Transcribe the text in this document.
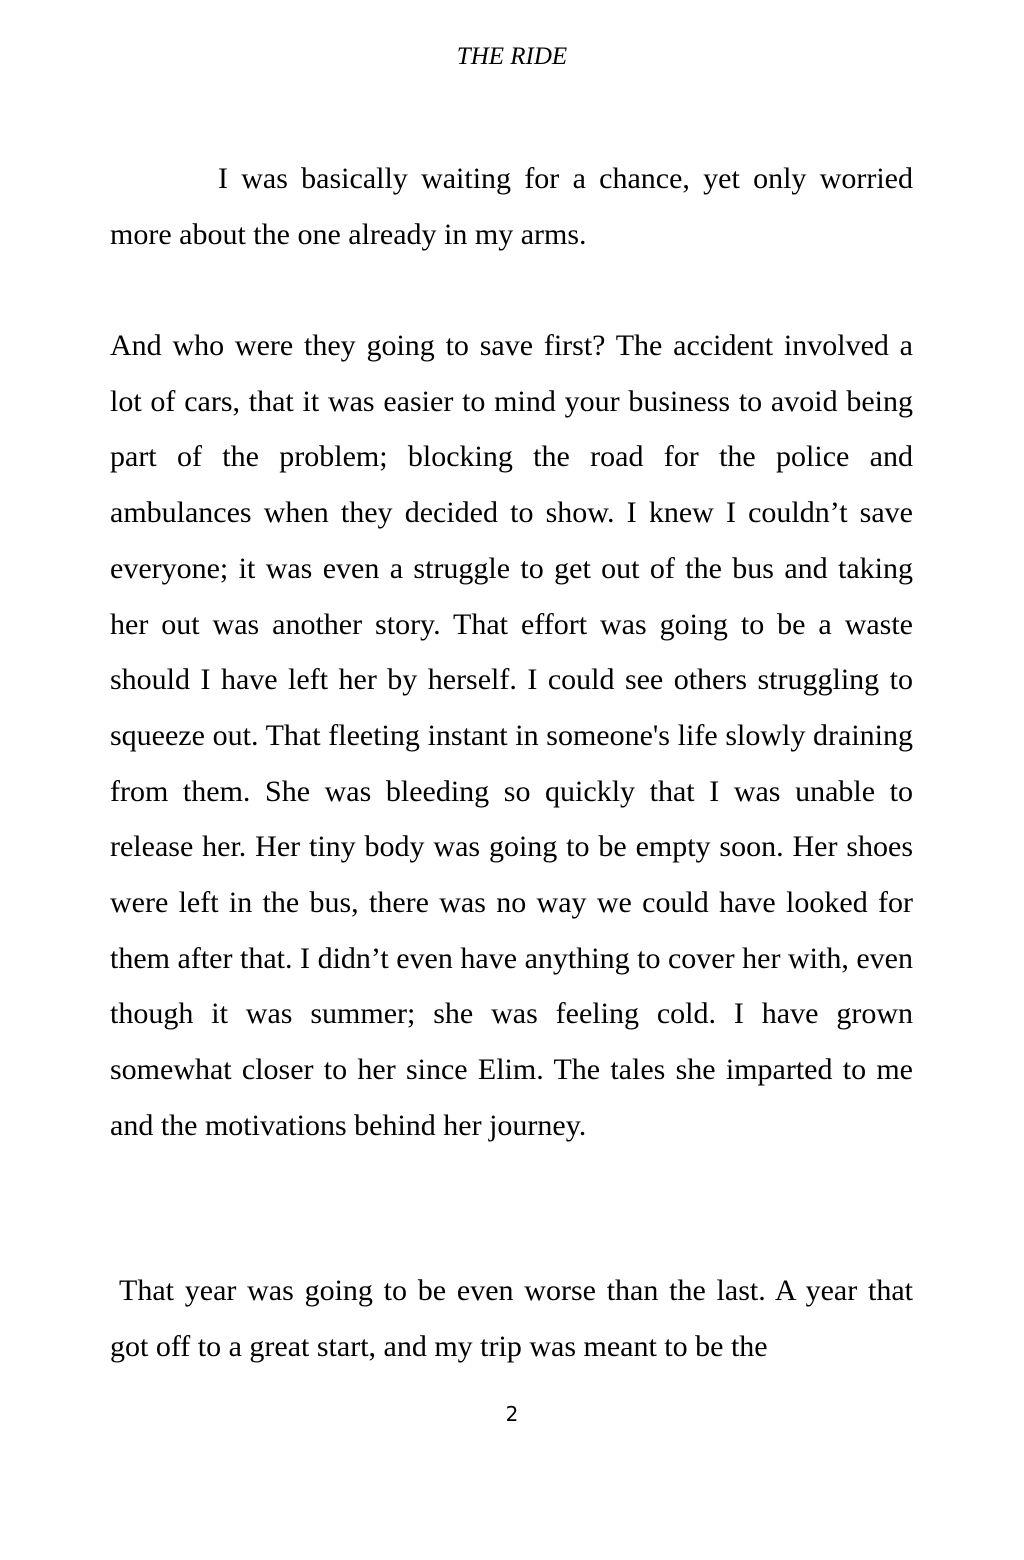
THE RIDE

I was basically waiting for a chance, yet only worried more about the one already in my arms.

And who were they going to save first? The accident involved a lot of cars, that it was easier to mind your business to avoid being part of the problem; blocking the road for the police and ambulances when they decided to show. I knew I couldn’t save everyone; it was even a struggle to get out of the bus and taking her out was another story. That effort was going to be a waste should I have left her by herself. I could see others struggling to squeeze out. That fleeting instant in someone's life slowly draining from them. She was bleeding so quickly that I was unable to release her. Her tiny body was going to be empty soon. Her shoes were left in the bus, there was no way we could have looked for them after that. I didn’t even have anything to cover her with, even though it was summer; she was feeling cold. I have grown somewhat closer to her since Elim. The tales she imparted to me and the motivations behind her journey.

That year was going to be even worse than the last. A year that got off to a great start, and my trip was meant to be the

2
